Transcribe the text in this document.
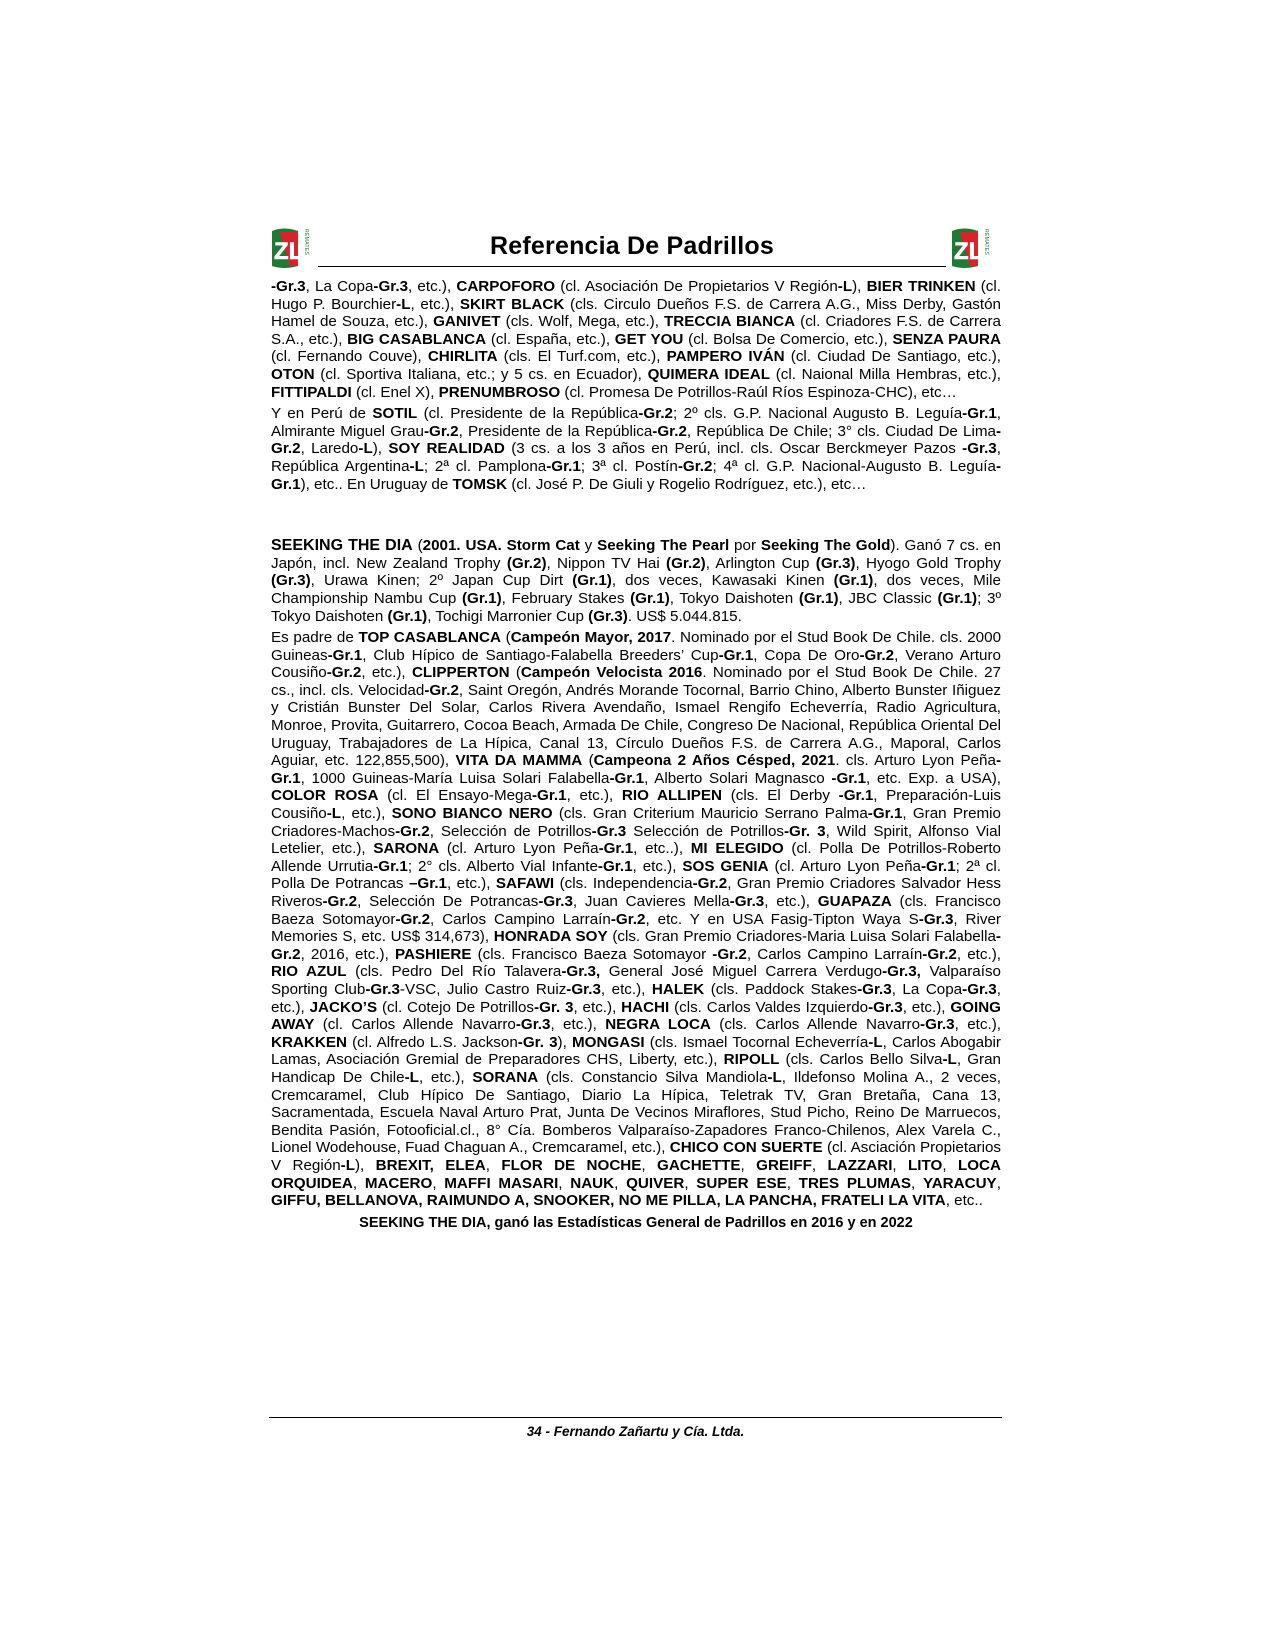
ZL REMATES	Referencia De Padrillos	ZL REMATES

-Gr.3, La Copa-Gr.3, etc.), CARPOFORO (cl. Asociación De Propietarios V Región-L), BIER TRINKEN (cl. Hugo P. Bourchier-L, etc.), SKIRT BLACK (cls. Circulo Dueños F.S. de Carrera A.G., Miss Derby, Gastón Hamel de Souza, etc.), GANIVET (cls. Wolf, Mega, etc.), TRECCIA BIANCA (cl. Criadores F.S. de Carrera S.A., etc.), BIG CASABLANCA (cl. España, etc.), GET YOU (cl. Bolsa De Comercio, etc.), SENZA PAURA (cl. Fernando Couve), CHIRLITA (cls. El Turf.com, etc.), PAMPERO IVÁN (cl. Ciudad De Santiago, etc.), OTON (cl. Sportiva Italiana, etc.; y 5 cs. en Ecuador), QUIMERA IDEAL (cl. Naional Milla Hembras, etc.), FITTIPALDI (cl. Enel X), PRENUMBROSO (cl. Promesa De Potrillos-Raúl Ríos Espinoza-CHC), etc…

Y en Perú de SOTIL (cl. Presidente de la República-Gr.2; 2º cls. G.P. Nacional Augusto B. Leguía-Gr.1, Almirante Miguel Grau-Gr.2, Presidente de la República-Gr.2, República De Chile; 3° cls. Ciudad De Lima-Gr.2, Laredo-L), SOY REALIDAD (3 cs. a los 3 años en Perú, incl. cls. Oscar Berckmeyer Pazos -Gr.3, República Argentina-L; 2ª cl. Pamplona-Gr.1; 3ª cl. Postín-Gr.2; 4ª cl. G.P. Nacional-Augusto B. Leguía-Gr.1), etc.. En Uruguay de TOMSK (cl. José P. De Giuli y Rogelio Rodríguez, etc.), etc…

SEEKING THE DIA (2001. USA. Storm Cat y Seeking The Pearl por Seeking The Gold). Ganó 7 cs. en Japón, incl. New Zealand Trophy (Gr.2), Nippon TV Hai (Gr.2), Arlington Cup (Gr.3), Hyogo Gold Trophy (Gr.3), Urawa Kinen; 2º Japan Cup Dirt (Gr.1), dos veces, Kawasaki Kinen (Gr.1), dos veces, Mile Championship Nambu Cup (Gr.1), February Stakes (Gr.1), Tokyo Daishoten (Gr.1), JBC Classic (Gr.1); 3º Tokyo Daishoten (Gr.1), Tochigi Marronier Cup (Gr.3). US$ 5.044.815.

Es padre de TOP CASABLANCA (Campeón Mayor, 2017. Nominado por el Stud Book De Chile. cls. 2000 Guineas-Gr.1, Club Hípico de Santiago-Falabella Breeders’ Cup-Gr.1, Copa De Oro-Gr.2, Verano Arturo Cousiño-Gr.2, etc.), CLIPPERTON (Campeón Velocista 2016. Nominado por el Stud Book De Chile. 27 cs., incl. cls. Velocidad-Gr.2, Saint Oregón, Andrés Morande Tocornal, Barrio Chino, Alberto Bunster Iñiguez y Cristián Bunster Del Solar, Carlos Rivera Avendaño, Ismael Rengifo Echeverría, Radio Agricultura, Monroe, Provita, Guitarrero, Cocoa Beach, Armada De Chile, Congreso De Nacional, República Oriental Del Uruguay, Trabajadores de La Hípica, Canal 13, Círculo Dueños F.S. de Carrera A.G., Maporal, Carlos Aguiar, etc. 122,855,500), VITA DA MAMMA (Campeona 2 Años Césped, 2021. cls. Arturo Lyon Peña-Gr.1, 1000 Guineas-María Luisa Solari Falabella-Gr.1, Alberto Solari Magnasco -Gr.1, etc. Exp. a USA), COLOR ROSA (cl. El Ensayo-Mega-Gr.1, etc.), RIO ALLIPEN (cls. El Derby -Gr.1, Preparación-Luis Cousiño-L, etc.), SONO BIANCO NERO (cls. Gran Criterium Mauricio Serrano Palma-Gr.1, Gran Premio Criadores-Machos-Gr.2, Selección de Potrillos-Gr.3 Selección de Potrillos-Gr. 3, Wild Spirit, Alfonso Vial Letelier, etc.), SARONA (cl. Arturo Lyon Peña-Gr.1, etc..), MI ELEGIDO (cl. Polla De Potrillos-Roberto Allende Urrutia-Gr.1; 2° cls. Alberto Vial Infante-Gr.1, etc.), SOS GENIA (cl. Arturo Lyon Peña-Gr.1; 2ª cl. Polla De Potrancas –Gr.1, etc.), SAFAWI (cls. Independencia-Gr.2, Gran Premio Criadores Salvador Hess Riveros-Gr.2, Selección De Potrancas-Gr.3, Juan Cavieres Mella-Gr.3, etc.), GUAPAZA (cls. Francisco Baeza Sotomayor-Gr.2, Carlos Campino Larraín-Gr.2, etc. Y en USA Fasig-Tipton Waya S-Gr.3, River Memories S, etc. US$ 314,673), HONRADA SOY (cls. Gran Premio Criadores-Maria Luisa Solari Falabella-Gr.2, 2016, etc.), PASHIERE (cls. Francisco Baeza Sotomayor -Gr.2, Carlos Campino Larraín-Gr.2, etc.), RIO AZUL (cls. Pedro Del Río Talavera-Gr.3, General José Miguel Carrera Verdugo-Gr.3, Valparaíso Sporting Club-Gr.3-VSC, Julio Castro Ruiz-Gr.3, etc.), HALEK (cls. Paddock Stakes-Gr.3, La Copa-Gr.3, etc.), JACKO’S (cl. Cotejo De Potrillos-Gr. 3, etc.), HACHI (cls. Carlos Valdes Izquierdo-Gr.3, etc.), GOING AWAY (cl. Carlos Allende Navarro-Gr.3, etc.), NEGRA LOCA (cls. Carlos Allende Navarro-Gr.3, etc.), KRAKKEN (cl. Alfredo L.S. Jackson-Gr. 3), MONGASI (cls. Ismael Tocornal Echeverría-L, Carlos Abogabir Lamas, Asociación Gremial de Preparadores CHS, Liberty, etc.), RIPOLL (cls. Carlos Bello Silva-L, Gran Handicap De Chile-L, etc.), SORANA (cls. Constancio Silva Mandiola-L, Ildefonso Molina A., 2 veces, Cremcaramel, Club Hípico De Santiago, Diario La Hípica, Teletrak TV, Gran Bretaña, Cana 13, Sacramentada, Escuela Naval Arturo Prat, Junta De Vecinos Miraflores, Stud Picho, Reino De Marruecos, Bendita Pasión, Fotooficial.cl., 8° Cía. Bomberos Valparaíso-Zapadores Franco-Chilenos, Alex Varela C., Lionel Wodehouse, Fuad Chaguan A., Cremcaramel, etc.), CHICO CON SUERTE (cl. Asciación Propietarios V Región-L), BREXIT, ELEA, FLOR DE NOCHE, GACHETTE, GREIFF, LAZZARI, LITO, LOCA ORQUIDEA, MACERO, MAFFI MASARI, NAUK, QUIVER, SUPER ESE, TRES PLUMAS, YARACUY, GIFFU, BELLANOVA, RAIMUNDO A, SNOOKER, NO ME PILLA, LA PANCHA, FRATELI LA VITA, etc..

SEEKING THE DIA, ganó las Estadísticas General de Padrillos en 2016 y en 2022
34 - Fernando Zañartu y Cía. Ltda.
